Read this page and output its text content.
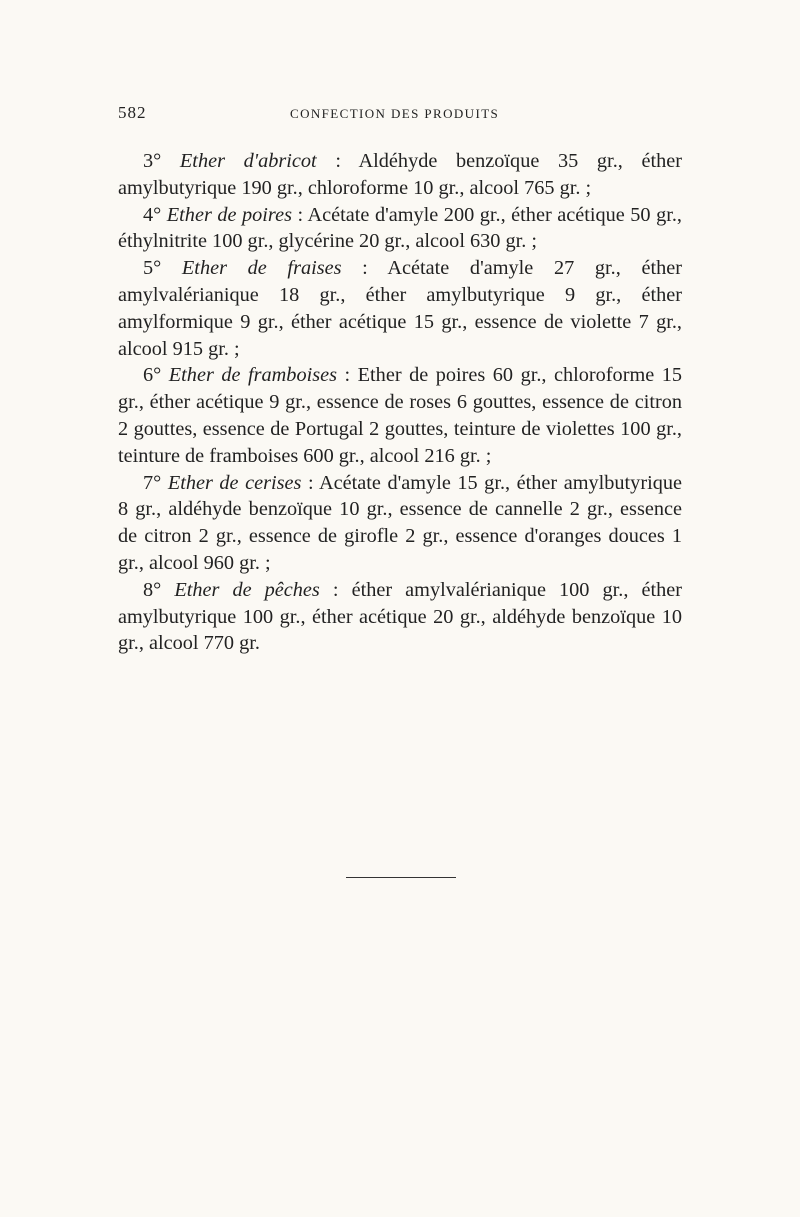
582	CONFECTION DES PRODUITS

3° Ether d'abricot : Aldéhyde benzoïque 35 gr., éther amylbutyrique 190 gr., chloroforme 10 gr., alcool 765 gr. ;

4° Ether de poires : Acétate d'amyle 200 gr., éther acétique 50 gr., éthylnitrite 100 gr., glycérine 20 gr., alcool 630 gr. ;

5° Ether de fraises : Acétate d'amyle 27 gr., éther amylvalérianique 18 gr., éther amylbutyrique 9 gr., éther amylformique 9 gr., éther acétique 15 gr., essence de violette 7 gr., alcool 915 gr. ;

6° Ether de framboises : Ether de poires 60 gr., chloroforme 15 gr., éther acétique 9 gr., essence de roses 6 gouttes, essence de citron 2 gouttes, essence de Portugal 2 gouttes, teinture de violettes 100 gr., teinture de framboises 600 gr., alcool 216 gr. ;

7° Ether de cerises : Acétate d'amyle 15 gr., éther amylbutyrique 8 gr., aldéhyde benzoïque 10 gr., essence de cannelle 2 gr., essence de citron 2 gr., essence de girofle 2 gr., essence d'oranges douces 1 gr., alcool 960 gr. ;

8° Ether de pêches : éther amylvalérianique 100 gr., éther amylbutyrique 100 gr., éther acétique 20 gr., aldéhyde benzoïque 10 gr., alcool 770 gr.
